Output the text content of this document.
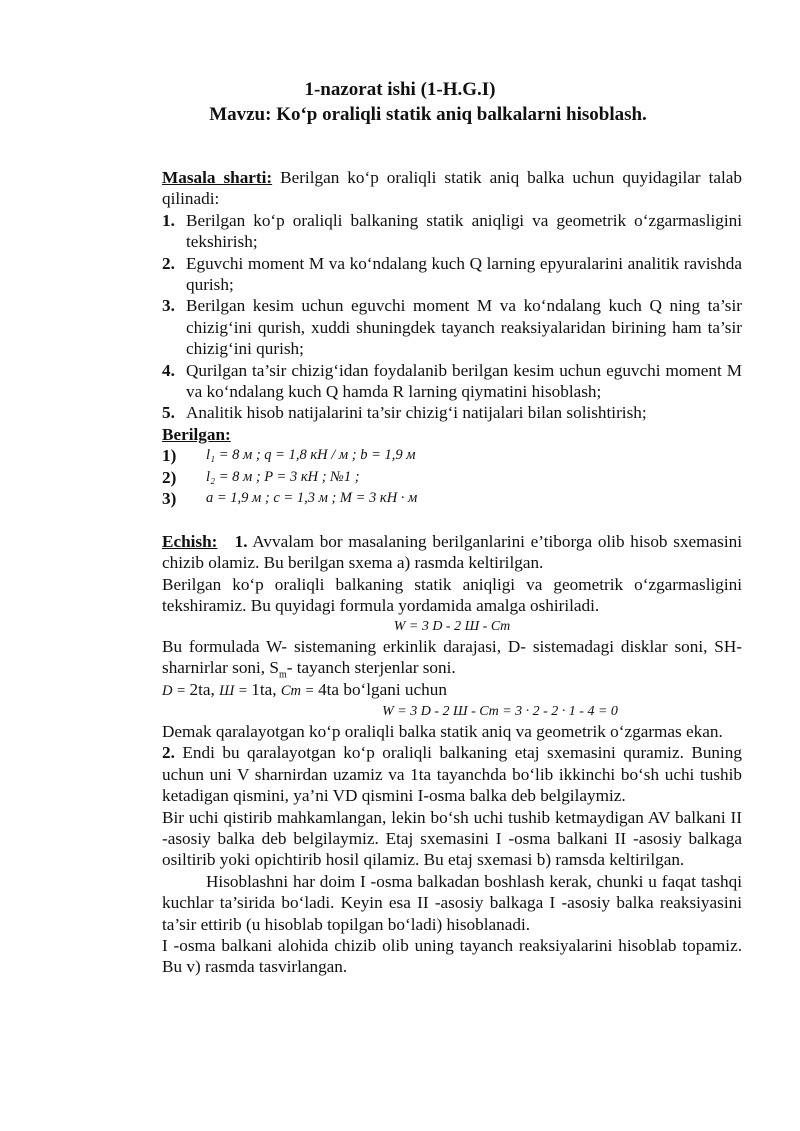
1-nazorat ishi (1-H.G.I)
Mavzu: Ko‘p oraliqli statik aniq balkalarni hisoblash.
Masala sharti: Berilgan ko‘p oraliqli statik aniq balka uchun quyidagilar talab qilinadi:
1. Berilgan ko‘p oraliqli balkaning statik aniqligi va geometrik o‘zgarmasligini tekshirish;
2. Eguvchi moment M va ko‘ndalang kuch Q larning epyuralarini analitik ravishda qurish;
3. Berilgan kesim uchun eguvchi moment M va ko‘ndalang kuch Q ning ta’sir chizig‘ini qurish, xuddi shuningdek tayanch reaksiyalaridan birining ham ta’sir chizig‘ini qurish;
4. Qurilgan ta’sir chizig‘idan foydalanib berilgan kesim uchun eguvchi moment M va ko‘ndalang kuch Q hamda R larning qiymatini hisoblash;
5. Analitik hisob natijalarini ta’sir chizig‘i natijalari bilan solishtirish;
Berilgan:
1) l₁ = 8 м ; q = 1,8 кН / м ; b = 1,9 м
2) l₂ = 8 м ; P = 3 кН ; №1 ;
3) a = 1,9 м ; c = 1,3 м ; M = 3 кН · м
Echish: 1. Avvalam bor masalaning berilganlarini e’tiborga olib hisob sxemasini chizib olamiz. Bu berilgan sxema a) rasmda keltirilgan.
Berilgan ko‘p oraliqli balkaning statik aniqligi va geometrik o‘zgarmasligini tekshiramiz. Bu quyidagi formula yordamida amalga oshiriladi.
W = 3 D - 2 Ш - Cm
Bu formulada W- sistemaning erkinlik darajasi, D- sistemadagi disklar soni, SH- sharnirlar soni, $S_m-$ tayanch sterjenlar soni.
D = 2ta, Ш = 1ta, Cm = 4ta bo‘lgani uchun
W = 3 D - 2 Ш - Cm = 3 · 2 - 2 · 1 - 4 = 0
Demak qaralayotgan ko‘p oraliqli balka statik aniq va geometrik o‘zgarmas ekan.
2. Endi bu qaralayotgan ko‘p oraliqli balkaning etaj sxemasini quramiz. Buning uchun uni V sharnirdan uzamiz va 1ta tayanchda bo‘lib ikkinchi bo‘sh uchi tushib ketadigan qismini, ya’ni VD qismini I-osma balka deb belgilaymiz.
Bir uchi qistirib mahkamlangan, lekin bo‘sh uchi tushib ketmaydigan AV balkani II -asosiy balka deb belgilaymiz. Etaj sxemasini I -osma balkani II -asosiy balkaga osiltirib yoki opichtirib hosil qilamiz. Bu etaj sxemasi b) ramsda keltirilgan.
Hisoblashni har doim I -osma balkadan boshlash kerak, chunki u faqat tashqi kuchlar ta’sirida bo‘ladi. Keyin esa II -asosiy balkaga I -asosiy balka reaksiyasini ta’sir ettirib (u hisoblab topilgan bo‘ladi) hisoblanadi.
I -osma balkani alohida chizib olib uning tayanch reaksiyalarini hisoblab topamiz. Bu v) rasmda tasvirlangan.
